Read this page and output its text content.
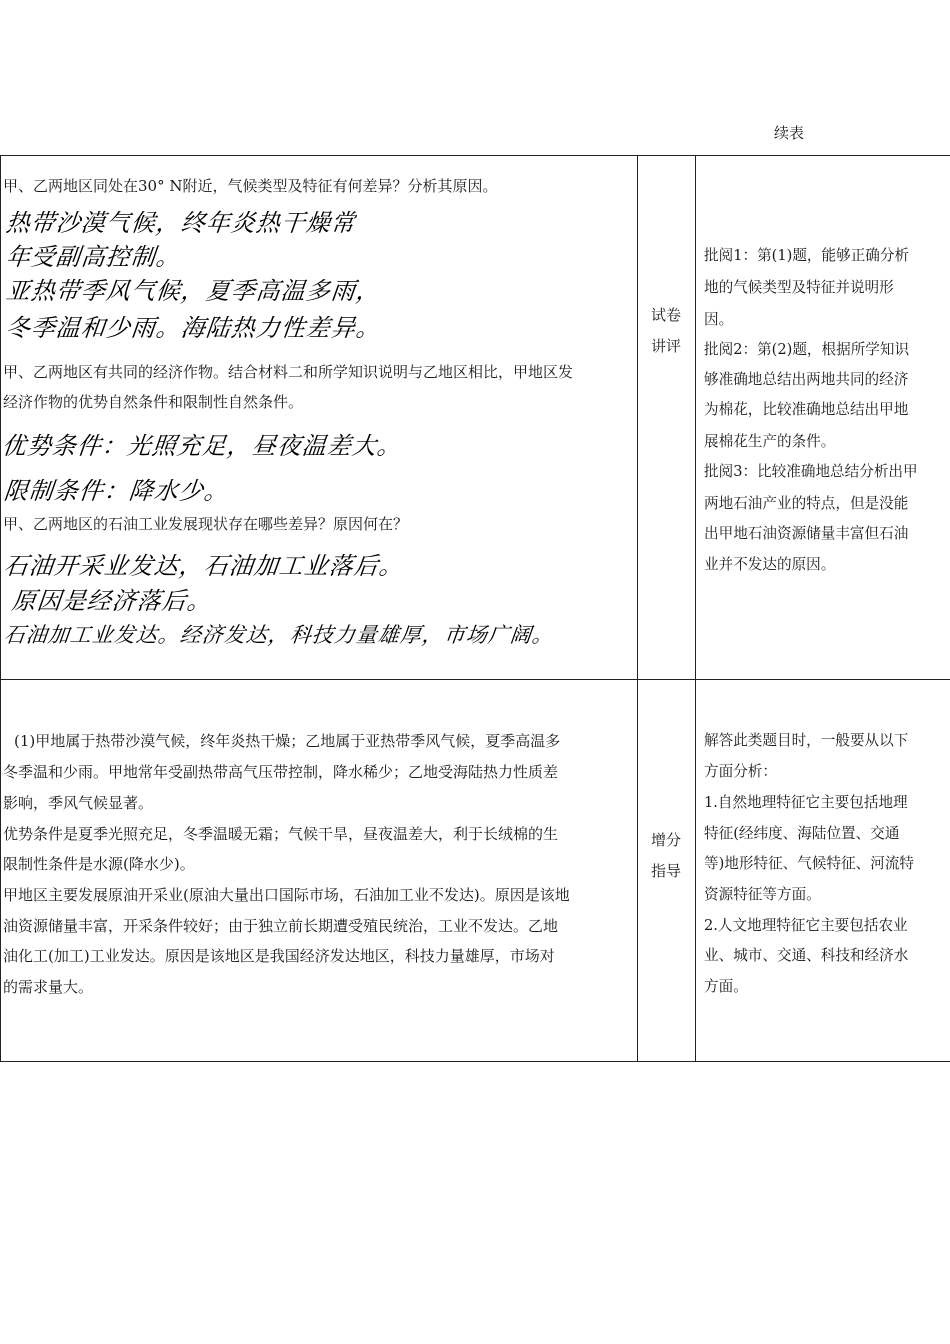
续表
甲、乙两地区同处在30° N附近，气候类型及特征有何差异？分析其原因。
热带沙漠气候，终年炎热干燥常
年受副高控制。
亚热带季风气候，夏季高温多雨，
冬季温和少雨。海陆热力性差异。
甲、乙两地区有共同的经济作物。结合材料二和所学知识说明与乙地区相比，甲地区发
经济作物的优势自然条件和限制性自然条件。
优势条件：光照充足，昼夜温差大。
限制条件：降水少。
甲、乙两地区的石油工业发展现状存在哪些差异？原因何在？
石油开采业发达，石油加工业落后。
原因是经济落后。
石油加工业发达。经济发达，科技力量雄厚，市场广阔。
试卷
讲评
批阅1：第(1)题，能够正确分析
地的气候类型及特征并说明形
因。
批阅2：第(2)题，根据所学知识
够准确地总结出两地共同的经济
为棉花，比较准确地总结出甲地
展棉花生产的条件。
批阅3：比较准确地总结分析出甲
两地石油产业的特点，但是没能
出甲地石油资源储量丰富但石油
业并不发达的原因。
(1)甲地属于热带沙漠气候，终年炎热干燥；乙地属于亚热带季风气候，夏季高温多
冬季温和少雨。甲地常年受副热带高气压带控制，降水稀少；乙地受海陆热力性质差
影响，季风气候显著。
优势条件是夏季光照充足，冬季温暖无霜；气候干旱，昼夜温差大，利于长绒棉的生
限制性条件是水源(降水少)。
甲地区主要发展原油开采业(原油大量出口国际市场，石油加工业不发达)。原因是该地
油资源储量丰富，开采条件较好；由于独立前长期遭受殖民统治，工业不发达。乙地
油化工(加工)工业发达。原因是该地区是我国经济发达地区，科技力量雄厚，市场对
的需求量大。
增分
指导
解答此类题目时，一般要从以下
方面分析：
1.自然地理特征它主要包括地理
特征(经纬度、海陆位置、交通
等)地形特征、气候特征、河流特
资源特征等方面。
2.人文地理特征它主要包括农业
业、城市、交通、科技和经济水
方面。
